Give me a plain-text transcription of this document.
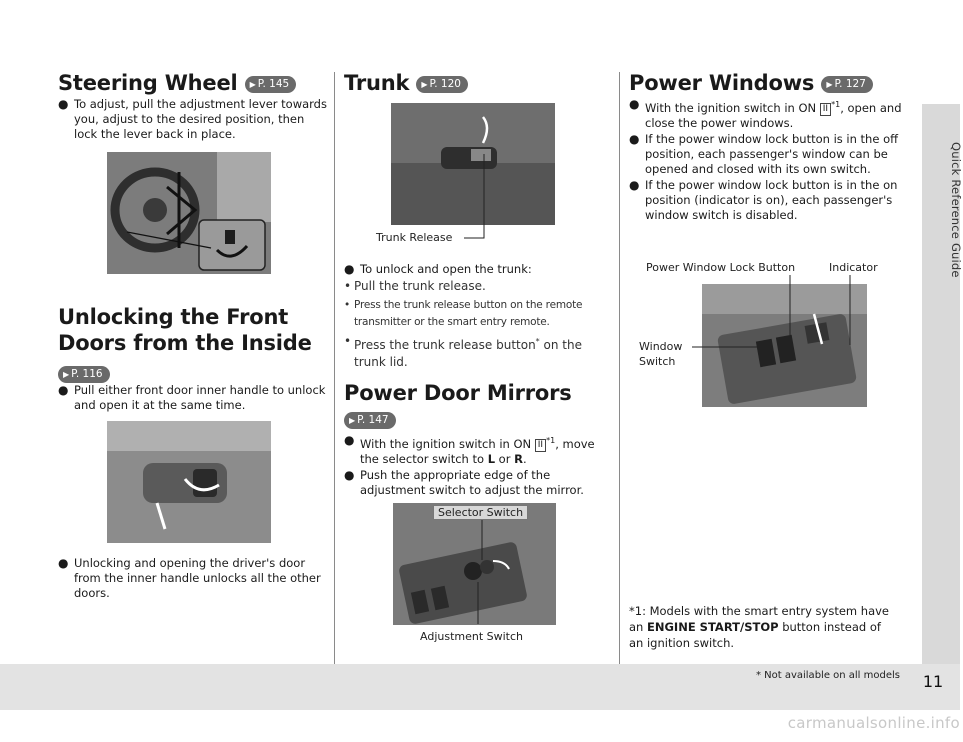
Quick Reference Guide
11
* Not available on all models
carmanualsonline.info
Steering Wheel ▶ P. 145
● To adjust, pull the adjustment lever towards you, adjust to the desired position, then lock the lever back in place.
Unlocking the Front
Doors from the Inside
▶ P. 116
● Pull either front door inner handle to unlock and open it at the same time.
● Unlocking and opening the driver's door from the inner handle unlocks all the other doors.
Trunk ▶ P. 120
Trunk Release
● To unlock and open the trunk:
• Pull the trunk release.
• Press the trunk release button on the remote transmitter or the smart entry remote.
• Press the trunk release button* on the trunk lid.
Power Door Mirrors
▶ P. 147
● With the ignition switch in ON II $^{*1}$, move the selector switch to L or R.
● Push the appropriate edge of the adjustment switch to adjust the mirror.
Selector Switch
Adjustment Switch
Power Windows ▶ P. 127
● With the ignition switch in ON II $^{*1}$, open and close the power windows.
● If the power window lock button is in the off position, each passenger's window can be opened and closed with its own switch.
● If the power window lock button is in the on position (indicator is on), each passenger's window switch is disabled.
Power Window Lock Button	Indicator
Window
Switch
*1: Models with the smart entry system have
an ENGINE START/STOP button instead of
an ignition switch.
